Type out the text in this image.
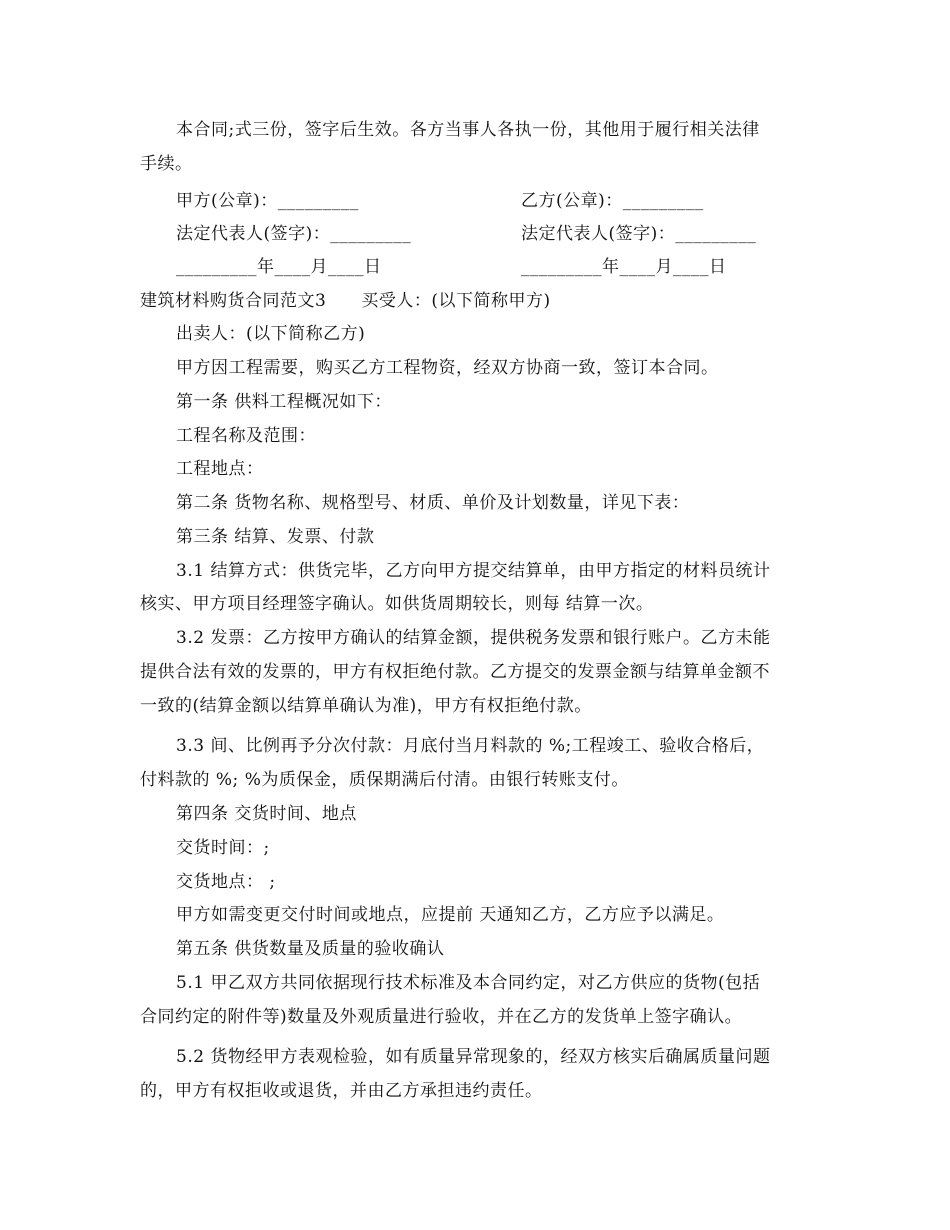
本合同;式三份，签字后生效。各方当事人各执一份，其他用于履行相关法律
手续。
甲方(公章)：_________	乙方(公章)：_________
法定代表人(签字)：_________	法定代表人(签字)：_________
_________年____月____日	_________年____月____日
建筑材料购货合同范文3　　买受人：(以下简称甲方)
出卖人：(以下简称乙方)
甲方因工程需要，购买乙方工程物资，经双方协商一致，签订本合同。
第一条 供料工程概况如下：
工程名称及范围：
工程地点：
第二条 货物名称、规格型号、材质、单价及计划数量，详见下表：
第三条 结算、发票、付款
3.1 结算方式：供货完毕，乙方向甲方提交结算单，由甲方指定的材料员统计
核实、甲方项目经理签字确认。如供货周期较长，则每 结算一次。
3.2 发票：乙方按甲方确认的结算金额，提供税务发票和银行账户。乙方未能
提供合法有效的发票的，甲方有权拒绝付款。乙方提交的发票金额与结算单金额不
一致的(结算金额以结算单确认为准)，甲方有权拒绝付款。
3.3 间、比例再予分次付款：月底付当月料款的 %;工程竣工、验收合格后，
付料款的 %; %为质保金，质保期满后付清。由银行转账支付。
第四条 交货时间、地点
交货时间：;
交货地点： ;
甲方如需变更交付时间或地点，应提前 天通知乙方，乙方应予以满足。
第五条 供货数量及质量的验收确认
5.1 甲乙双方共同依据现行技术标准及本合同约定，对乙方供应的货物(包括
合同约定的附件等)数量及外观质量进行验收，并在乙方的发货单上签字确认。
5.2 货物经甲方表观检验，如有质量异常现象的，经双方核实后确属质量问题
的，甲方有权拒收或退货，并由乙方承担违约责任。
